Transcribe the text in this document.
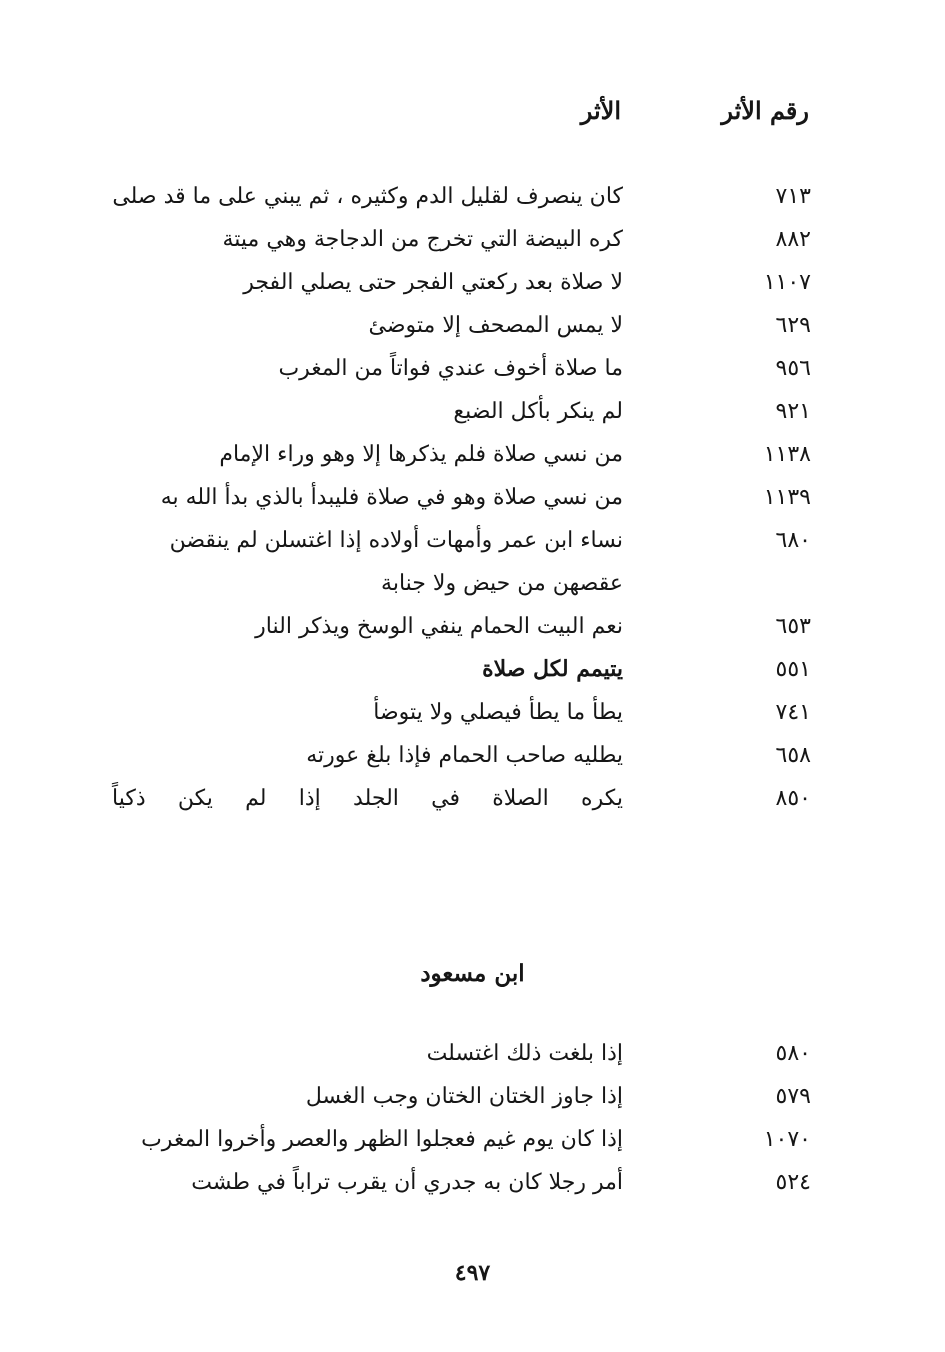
رقم الأثر
الأثر
٧١٣
كان ينصرف لقليل الدم وكثيره ، ثم يبني على ما قد صلى
٨٨٢
كره البيضة التي تخرج من الدجاجة وهي ميتة
١١٠٧
لا صلاة بعد ركعتي الفجر حتى يصلي الفجر
٦٢٩
لا يمس المصحف إلا متوضئ
٩٥٦
ما صلاة أخوف عندي فواتاً من المغرب
٩٢١
لم ينكر بأكل الضبع
١١٣٨
من نسي صلاة فلم يذكرها إلا وهو وراء الإمام
١١٣٩
من نسي صلاة وهو في صلاة فليبدأ بالذي بدأ الله به
٦٨٠
نساء ابن عمر وأمهات أولاده إذا اغتسلن لم ينقضن عقصهن من حيض ولا جنابة
٦٥٣
نعم البيت الحمام ينفي الوسخ ويذكر النار
٥٥١
يتيمم لكل صلاة
٧٤١
يطأ ما يطأ فيصلي ولا يتوضأ
٦٥٨
يطليه صاحب الحمام فإذا بلغ عورته
٨٥٠
يكره الصلاة في الجلد إذا لم يكن ذكياً
ابن مسعود
٥٨٠
إذا بلغت ذلك اغتسلت
٥٧٩
إذا جاوز الختان الختان وجب الغسل
١٠٧٠
إذا كان يوم غيم فعجلوا الظهر والعصر وأخروا المغرب
٥٢٤
أمر رجلا كان به جدري أن يقرب تراباً في طشت
٤٩٧
